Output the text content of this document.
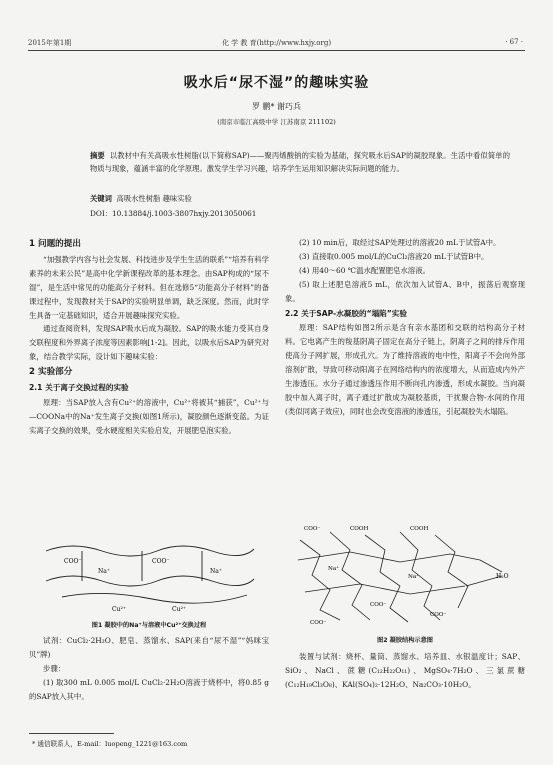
2015年第1期	化 学 教 育(http://www.hxjy.org)	· 67 ·
吸水后“尿不湿”的趣味实验
罗 鹏* 谢巧兵
(南京市临江高级中学 江苏南京 211102)
摘要 以教材中有关高吸水性树脂(以下简称SAP)——聚丙烯酸钠的实验为基础，探究吸水后SAP的凝胶现象。生活中看似简单的物质与现象，蕴涵丰富的化学原理。激发学生学习兴趣，培养学生运用知识解决实际问题的能力。
关键词 高吸水性树脂 趣味实验
DOI：10.13884/j.1003-3807hxjy.2013050061
1 问题的提出

“加强教学内容与社会发展、科技进步及学生生活的联系”“培养有科学素养的未来公民”是高中化学新课程改革的基本理念。由SAP构成的“尿不湿”，是生活中常见的功能高分子材料。但在选修5“功能高分子材料”的备课过程中，发现教材关于SAP的实验明显单调，缺乏深度。然而，此时学生具备一定基础知识，适合开展趣味探究实验。

通过查阅资料，发现SAP吸水后成为凝胶。SAP的吸水能力受其自身交联程度和外界离子浓度等因素影响[1-2]。因此，以吸水后SAP为研究对象，结合教学实际，设计如下趣味实验：

2 实验部分
2.1 关于离子交换过程的实验

原理：当SAP放入含有Cu²⁺的溶液中，Cu²⁺将被其“捕获”，Cu²⁺与—COONa中的Na⁺发生离子交换(如图1所示)，凝胶颜色逐渐变蓝。为证实离子交换的效果，受水硬度相关实验启发，开展肥皂泡实验。

COO⁻	COO⁻
Na⁺	Na⁺
Cu²⁺
Cu²⁺
图1 凝胶中的Na⁺与溶液中Cu²⁺交换过程

试剂：CuCl₂·2H₂O、肥皂、蒸馏水、SAP(来自“尿不湿”“妈咪宝贝”牌)

步骤：

(1) 取300 mL 0.005 mol/L CuCl₂·2H₂O溶液于烧杯中，将0.85 g的SAP放入其中。

* 通信联系人，E-mail：luopeng_1221@163.com

(2) 10 min后，取经过SAP处理过的溶液20 mL于试管A中。

(3) 直接取0.005 mol/L的CuCl₂溶液20 mL于试管B中。

(4) 用40～60 ℃温水配置肥皂水溶液。

(5) 取上述肥皂溶液5 mL，依次加入试管A、B中，振荡后观察现象。

2.2 关于SAP-水凝胶的“塌陷”实验

原理：SAP结构如图2所示是含有亲水基团和交联的结构高分子材料。它电离产生的羧基阴离子固定在高分子链上，阴离子之间的排斥作用使高分子网扩展，形成孔穴。为了维持溶液的电中性，阳离子不会向外部溶剂扩散，导致可移动阳离子在网络结构内的浓度增大，从而造成内外产生渗透压。水分子通过渗透压作用不断向孔内渗透，形成水凝胶。当向凝胶中加入离子时，离子通过扩散成为凝胶基质，干扰聚合物-水间的作用(类似同离子效应)，同时也会改变溶液的渗透压，引起凝胶失水塌陷。

COO⁻	COOH	COOH
Na⁺
Na⁺
COO⁻
COO⁻
COO⁻
H₂O
图2 凝胶结构示意图

装置与试剂：烧杯、量筒、蒸馏水、培养皿、水银温度计；SAP、SiO₂、NaCl、蔗糖(C₁₂H₂₂O₁₁)、MgSO₄·7H₂O、三氯蔗糖(C₁₂H₁₉Cl₃O₈)、KAl(SO₄)₂·12H₂O、Na₂CO₃·10H₂O。
